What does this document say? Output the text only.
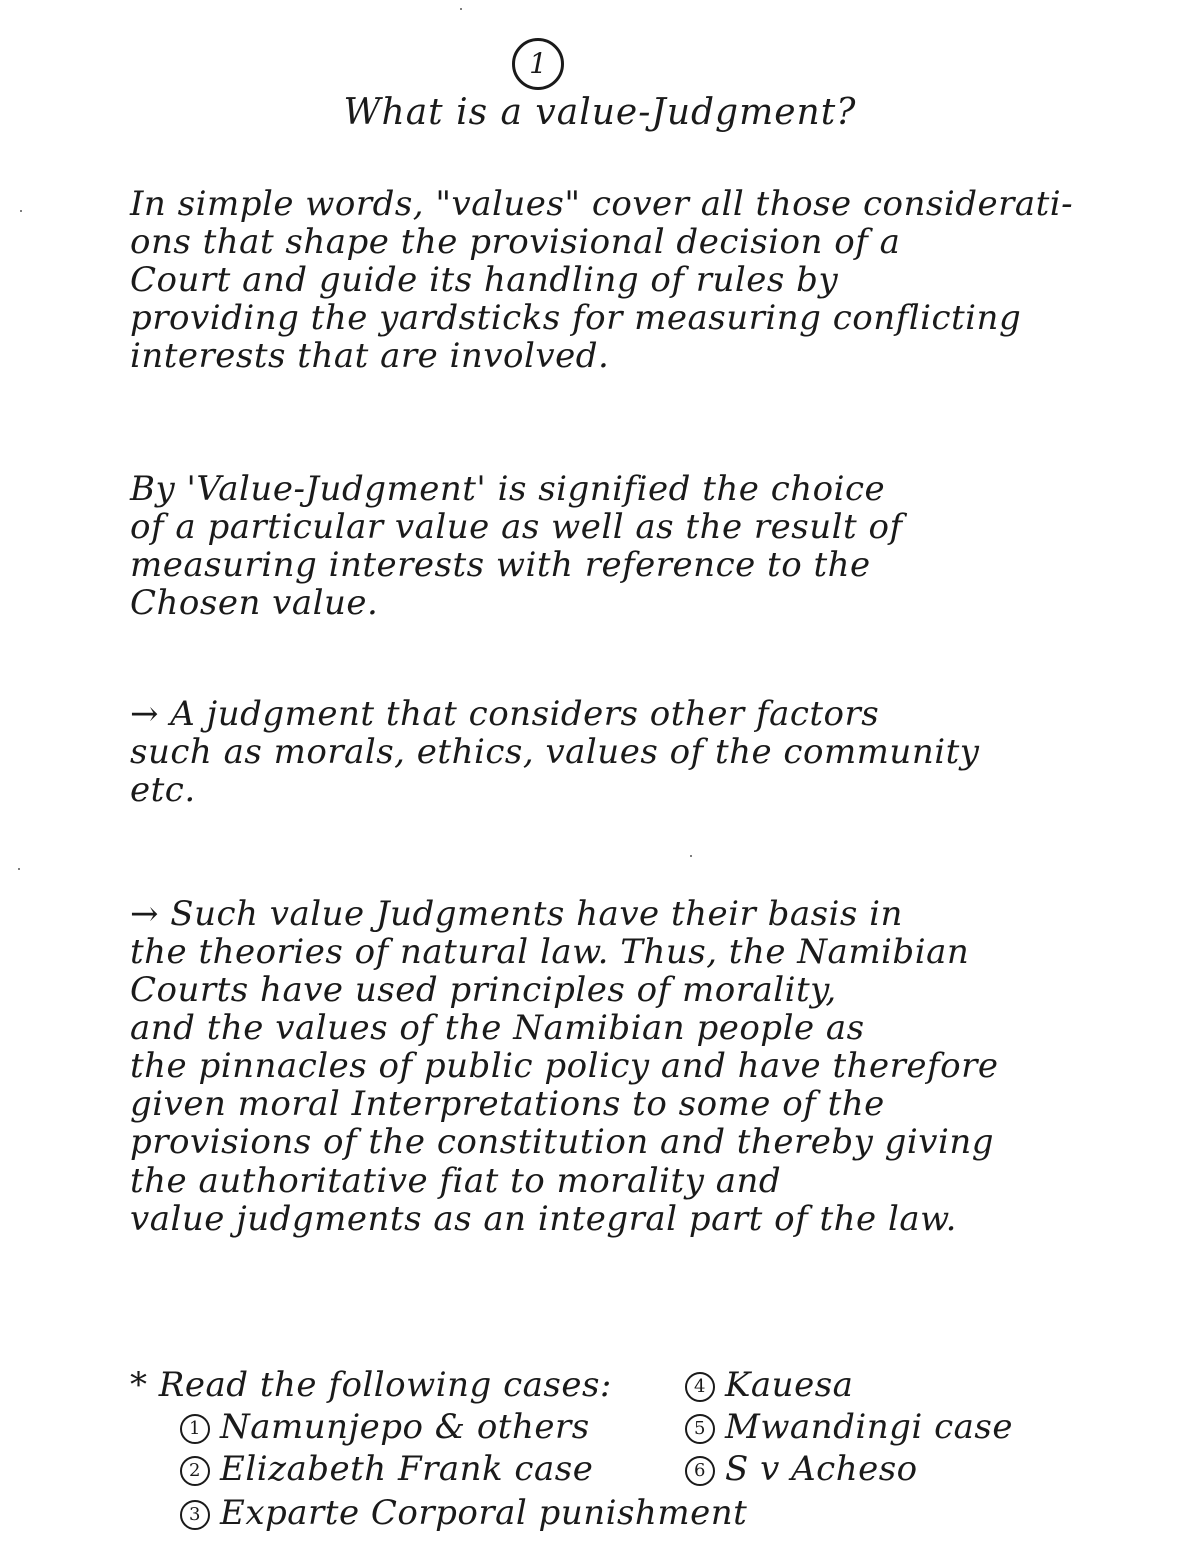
1
What is a value-Judgment?
In simple words, "values" cover all those considerati-
ons that shape the provisional decision of a
Court and guide its handling of rules by
providing the yardsticks for measuring conflicting
interests that are involved.
By 'Value-Judgment' is signified the choice
of a particular value as well as the result of
measuring interests with reference to the
Chosen value.
→ A judgment that considers other factors
such as morals, ethics, values of the community
etc.
→ Such value Judgments have their basis in
the theories of natural law. Thus, the Namibian
Courts have used principles of morality,
and the values of the Namibian people as
the pinnacles of public policy and have therefore
given moral Interpretations to some of the
provisions of the constitution and thereby giving
the authoritative fiat to morality and
value judgments as an integral part of the law.
* Read the following cases:
1 Namunjepo & others
2 Elizabeth Frank case
3 Exparte Corporal punishment
4 Kauesa
5 Mwandingi case
6 S v Acheso
